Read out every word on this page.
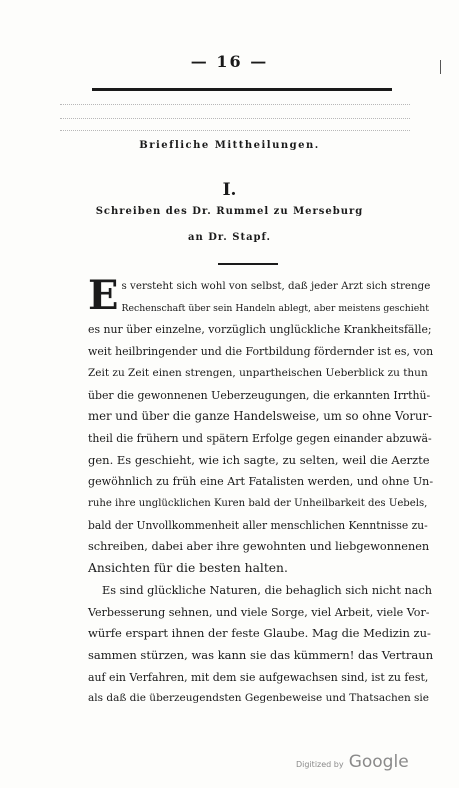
— 16 —
Briefliche Mittheilungen.
I.
Schreiben des Dr. Rummel zu Merseburg
an Dr. Stapf.
E s versteht sich wohl von selbst, daß jeder Arzt sich strenge
Rechenschaft über sein Handeln ablegt, aber meistens geschieht
es nur über einzelne, vorzüglich unglückliche Krankheitsfälle;
weit heilbringender und die Fortbildung fördernder ist es, von
Zeit zu Zeit einen strengen, unpartheischen Ueberblick zu thun
über die gewonnenen Ueberzeugungen, die erkannten Irrthü-
mer und über die ganze Handelsweise, um so ohne Vorur-
theil die frühern und spätern Erfolge gegen einander abzuwä-
gen. Es geschieht, wie ich sagte, zu selten, weil die Aerzte
gewöhnlich zu früh eine Art Fatalisten werden, und ohne Un-
ruhe ihre unglücklichen Kuren bald der Unheilbarkeit des Uebels,
bald der Unvollkommenheit aller menschlichen Kenntnisse zu-
schreiben, dabei aber ihre gewohnten und liebgewonnenen
Ansichten für die besten halten.
Es sind glückliche Naturen, die behaglich sich nicht nach
Verbesserung sehnen, und viele Sorge, viel Arbeit, viele Vor-
würfe erspart ihnen der feste Glaube. Mag die Medizin zu-
sammen stürzen, was kann sie das kümmern! das Vertraun
auf ein Verfahren, mit dem sie aufgewachsen sind, ist zu fest,
als daß die überzeugendsten Gegenbeweise und Thatsachen sie
Digitized by Google
